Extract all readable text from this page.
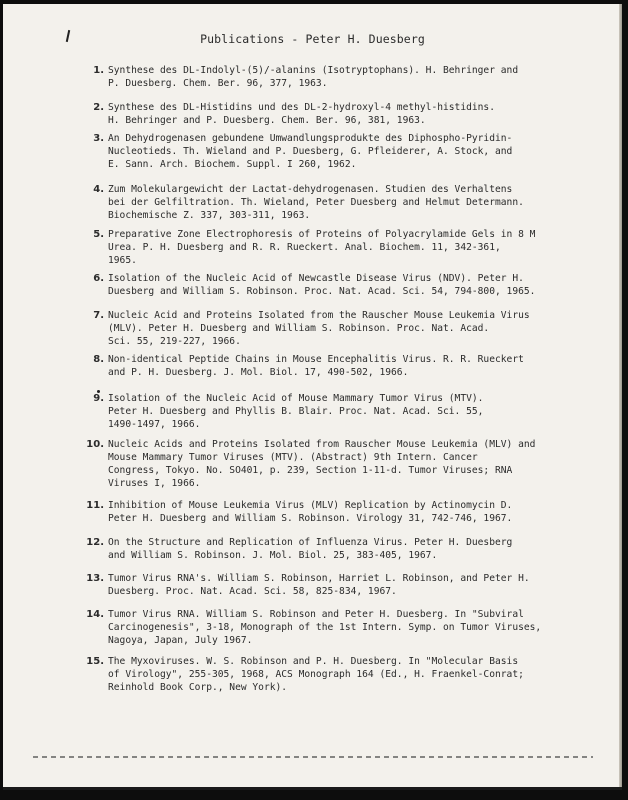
Publications - Peter H. Duesberg
1. Synthese des DL-Indolyl-(5)/-alanins (Isotryptophans). H. Behringer and
P. Duesberg. Chem. Ber. 96, 377, 1963.
2. Synthese des DL-Histidins und des DL-2-hydroxyl-4 methyl-histidins.
H. Behringer and P. Duesberg. Chem. Ber. 96, 381, 1963.
3. An Dehydrogenasen gebundene Umwandlungsprodukte des Diphospho-Pyridin-
Nucleotieds. Th. Wieland and P. Duesberg, G. Pfleiderer, A. Stock, and
E. Sann. Arch. Biochem. Suppl. I 260, 1962.
4. Zum Molekulargewicht der Lactat-dehydrogenasen. Studien des Verhaltens
bei der Gelfiltration. Th. Wieland, Peter Duesberg and Helmut Determann.
Biochemische Z. 337, 303-311, 1963.
5. Preparative Zone Electrophoresis of Proteins of Polyacrylamide Gels in 8 M
Urea. P. H. Duesberg and R. R. Rueckert. Anal. Biochem. 11, 342-361,
1965.
6. Isolation of the Nucleic Acid of Newcastle Disease Virus (NDV). Peter H.
Duesberg and William S. Robinson. Proc. Nat. Acad. Sci. 54, 794-800, 1965.
7. Nucleic Acid and Proteins Isolated from the Rauscher Mouse Leukemia Virus
(MLV). Peter H. Duesberg and William S. Robinson. Proc. Nat. Acad.
Sci. 55, 219-227, 1966.
8. Non-identical Peptide Chains in Mouse Encephalitis Virus. R. R. Rueckert
and P. H. Duesberg. J. Mol. Biol. 17, 490-502, 1966.
9. Isolation of the Nucleic Acid of Mouse Mammary Tumor Virus (MTV).
Peter H. Duesberg and Phyllis B. Blair. Proc. Nat. Acad. Sci. 55,
1490-1497, 1966.
10. Nucleic Acids and Proteins Isolated from Rauscher Mouse Leukemia (MLV) and
Mouse Mammary Tumor Viruses (MTV). (Abstract) 9th Intern. Cancer
Congress, Tokyo. No. SO401, p. 239, Section 1-11-d. Tumor Viruses; RNA
Viruses I, 1966.
11. Inhibition of Mouse Leukemia Virus (MLV) Replication by Actinomycin D.
Peter H. Duesberg and William S. Robinson. Virology 31, 742-746, 1967.
12. On the Structure and Replication of Influenza Virus. Peter H. Duesberg
and William S. Robinson. J. Mol. Biol. 25, 383-405, 1967.
13. Tumor Virus RNA's. William S. Robinson, Harriet L. Robinson, and Peter H.
Duesberg. Proc. Nat. Acad. Sci. 58, 825-834, 1967.
14. Tumor Virus RNA. William S. Robinson and Peter H. Duesberg. In "Subviral
Carcinogenesis", 3-18, Monograph of the 1st Intern. Symp. on Tumor Viruses,
Nagoya, Japan, July 1967.
15. The Myxoviruses. W. S. Robinson and P. H. Duesberg. In "Molecular Basis
of Virology", 255-305, 1968, ACS Monograph 164 (Ed., H. Fraenkel-Conrat;
Reinhold Book Corp., New York).
